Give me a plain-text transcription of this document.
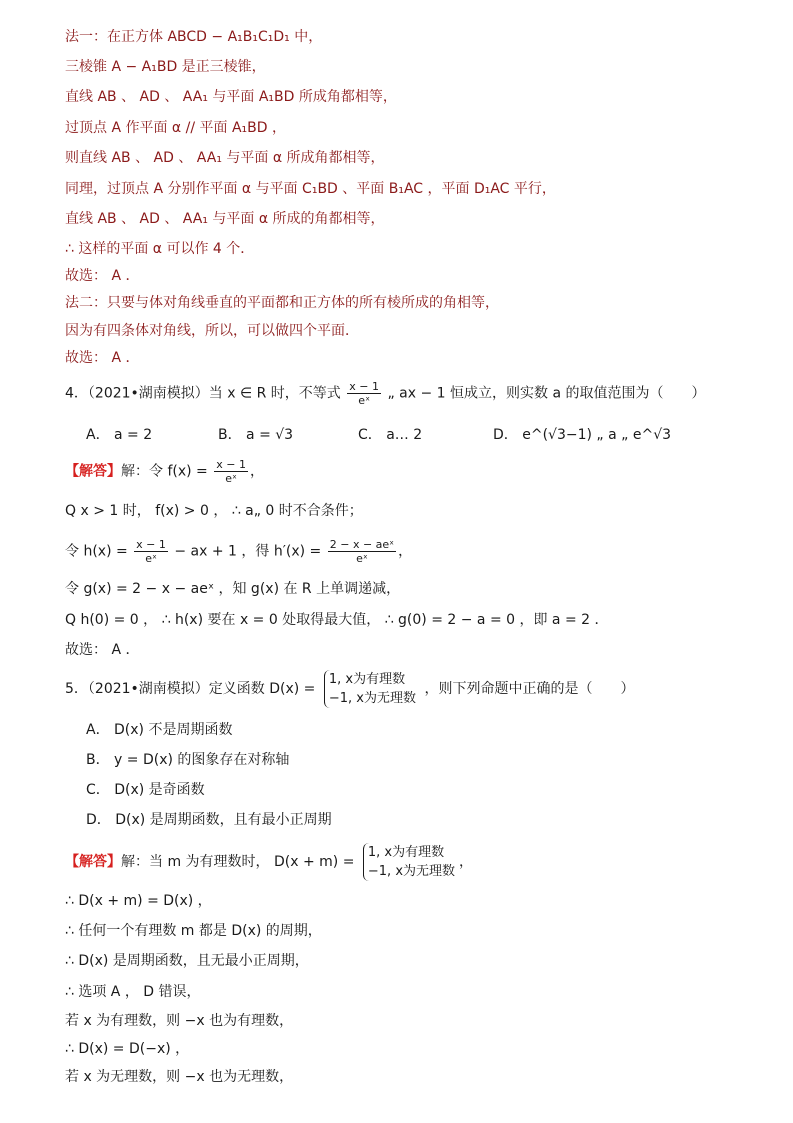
法一：在正方体 ABCD − A₁B₁C₁D₁ 中，
三棱锥 A − A₁BD 是正三棱锥，
直线 AB 、 AD 、 AA₁ 与平面 A₁BD 所成角都相等，
过顶点 A 作平面 α // 平面 A₁BD ，
则直线 AB 、 AD 、 AA₁ 与平面 α 所成角都相等，
同理，过顶点 A 分别作平面 α 与平面 C₁BD 、平面 B₁AC ，平面 D₁AC 平行，
直线 AB 、 AD 、 AA₁ 与平面 α 所成的角都相等，
∴ 这样的平面 α 可以作 4 个．
故选： A ．
法二：只要与体对角线垂直的平面都和正方体的所有棱所成的角相等，
因为有四条体对角线，所以，可以做四个平面．
故选： A ．
4．（2021•湖南模拟）当 x ∈ R 时，不等式 $\frac{x - 1}{\text{eˣ}}$ „ ax − 1 恒成立，则实数 a 的取值范围为（　　）
A． a = 2	B． a = √3	C． a… 2	D． e^(√3−1) „ a „ e^√3
【解答】解：令 $f(x) = \frac{x - 1}{\text{eˣ}}$ ，
Q x > 1 时， f(x) > 0 ， ∴ a„ 0 时不合条件；
令 $h(x) = \frac{x - 1}{\text{eˣ}}$ − ax + 1 ，得 h′(x) = 2 − x − aeˣ
eˣ	，
令 g(x) = 2 − x − aeˣ ，知 g(x) 在 R 上单调递减，
Q h(0) = 0 ， ∴ h(x) 要在 x = 0 处取得最大值， ∴ g(0) = 2 − a = 0 ，即 a = 2 ．
故选： A ．
5．（2021•湖南模拟）定义函数 D(x) =
1, x为有理数
−1, x为无理数
，则下列命题中正确的是（　　）
A． D(x) 不是周期函数
B． y = D(x) 的图象存在对称轴
C． D(x) 是奇函数
D． D(x) 是周期函数，且有最小正周期
【解答】解：当 m 为有理数时， D(x + m) =
1, x为有理数
−1, x为无理数
，
∴ D(x + m) = D(x) ，
∴ 任何一个有理数 m 都是 D(x) 的周期，
∴ D(x) 是周期函数，且无最小正周期，
∴ 选项 A ， D 错误，
若 x 为有理数，则 −x 也为有理数，
∴ D(x) = D(−x) ，
若 x 为无理数，则 −x 也为无理数，
